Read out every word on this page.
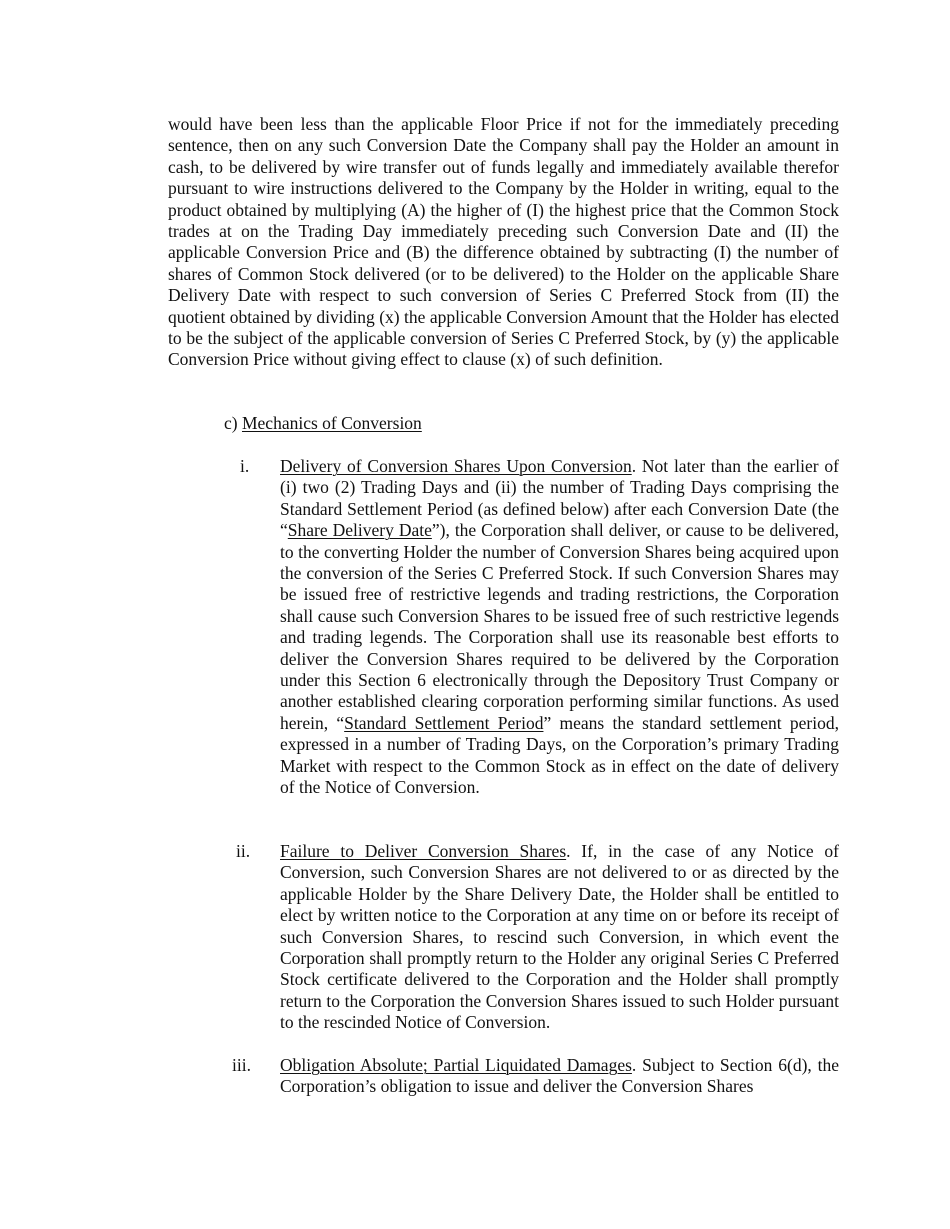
would have been less than the applicable Floor Price if not for the immediately preceding sentence, then on any such Conversion Date the Company shall pay the Holder an amount in cash, to be delivered by wire transfer out of funds legally and immediately available therefor pursuant to wire instructions delivered to the Company by the Holder in writing, equal to the product obtained by multiplying (A) the higher of (I) the highest price that the Common Stock trades at on the Trading Day immediately preceding such Conversion Date and (II) the applicable Conversion Price and (B) the difference obtained by subtracting (I) the number of shares of Common Stock delivered (or to be delivered) to the Holder on the applicable Share Delivery Date with respect to such conversion of Series C Preferred Stock from (II) the quotient obtained by dividing (x) the applicable Conversion Amount that the Holder has elected to be the subject of the applicable conversion of Series C Preferred Stock, by (y) the applicable Conversion Price without giving effect to clause (x) of such definition.

c) Mechanics of Conversion

i. Delivery of Conversion Shares Upon Conversion. Not later than the earlier of (i) two (2) Trading Days and (ii) the number of Trading Days comprising the Standard Settlement Period (as defined below) after each Conversion Date (the “Share Delivery Date”), the Corporation shall deliver, or cause to be delivered, to the converting Holder the number of Conversion Shares being acquired upon the conversion of the Series C Preferred Stock. If such Conversion Shares may be issued free of restrictive legends and trading restrictions, the Corporation shall cause such Conversion Shares to be issued free of such restrictive legends and trading legends. The Corporation shall use its reasonable best efforts to deliver the Conversion Shares required to be delivered by the Corporation under this Section 6 electronically through the Depository Trust Company or another established clearing corporation performing similar functions. As used herein, “Standard Settlement Period” means the standard settlement period, expressed in a number of Trading Days, on the Corporation’s primary Trading Market with respect to the Common Stock as in effect on the date of delivery of the Notice of Conversion.

ii. Failure to Deliver Conversion Shares. If, in the case of any Notice of Conversion, such Conversion Shares are not delivered to or as directed by the applicable Holder by the Share Delivery Date, the Holder shall be entitled to elect by written notice to the Corporation at any time on or before its receipt of such Conversion Shares, to rescind such Conversion, in which event the Corporation shall promptly return to the Holder any original Series C Preferred Stock certificate delivered to the Corporation and the Holder shall promptly return to the Corporation the Conversion Shares issued to such Holder pursuant to the rescinded Notice of Conversion.

iii. Obligation Absolute; Partial Liquidated Damages. Subject to Section 6(d), the Corporation’s obligation to issue and deliver the Conversion Shares
